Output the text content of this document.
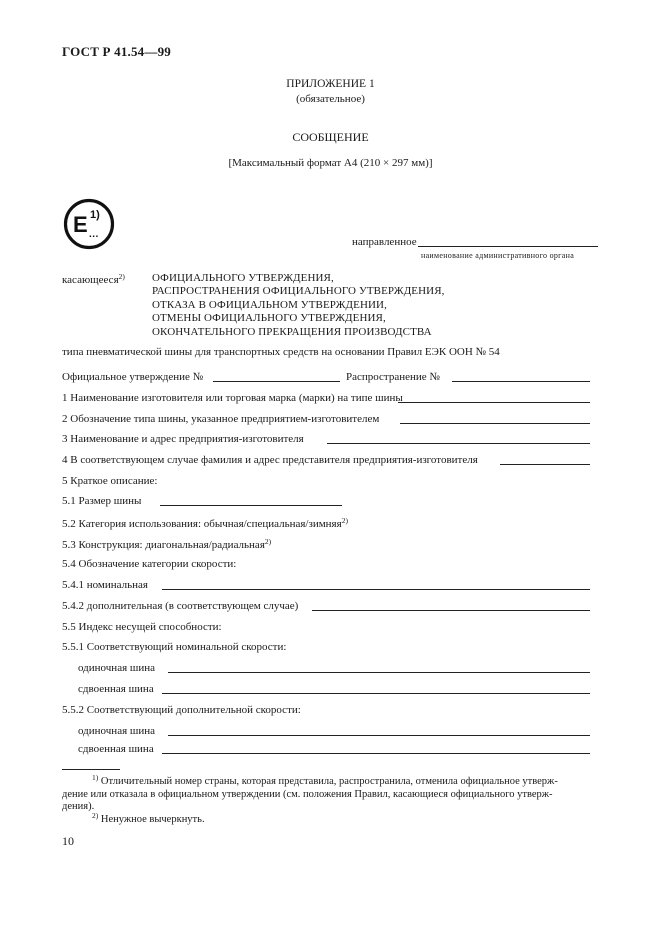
ГОСТ Р 41.54—99
ПРИЛОЖЕНИЕ 1
(обязательное)
СООБЩЕНИЕ
[Максимальный формат А4 (210 × 297 мм)]
E 1)
...
направленное
наименование административного органа
касающееся$^{2)}$ ОФИЦИАЛЬНОГО УТВЕРЖДЕНИЯ,
РАСПРОСТРАНЕНИЯ ОФИЦИАЛЬНОГО УТВЕРЖДЕНИЯ,
ОТКАЗА В ОФИЦИАЛЬНОМ УТВЕРЖДЕНИИ,
ОТМЕНЫ ОФИЦИАЛЬНОГО УТВЕРЖДЕНИЯ,
ОКОНЧАТЕЛЬНОГО ПРЕКРАЩЕНИЯ ПРОИЗВОДСТВА
типа пневматической шины для транспортных средств на основании Правил ЕЭК ООН № 54
Официальное утверждение №	Распространение №
1 Наименование изготовителя или торговая марка (марки) на типе шины
2 Обозначение типа шины, указанное предприятием-изготовителем
3 Наименование и адрес предприятия-изготовителя
4 В соответствующем случае фамилия и адрес представителя предприятия-изготовителя
5 Краткое описание:
5.1 Размер шины
5.2 Категория использования: обычная/специальная/зимняя$^{2)}$
5.3 Конструкция: диагональная/радиальная$^{2)}$
5.4 Обозначение категории скорости:
5.4.1 номинальная
5.4.2 дополнительная (в соответствующем случае)
5.5 Индекс несущей способности:
5.5.1 Соответствующий номинальной скорости:
одиночная шина
сдвоенная шина
5.5.2 Соответствующий дополнительной скорости:
одиночная шина
сдвоенная шина
$^{1)}$ Отличительный номер страны, которая представила, распространила, отменила официальное утверж-
дение или отказала в официальном утверждении (см. положения Правил, касающиеся официального утверж-
дения).
$^{2)}$ Ненужное вычеркнуть.
10
